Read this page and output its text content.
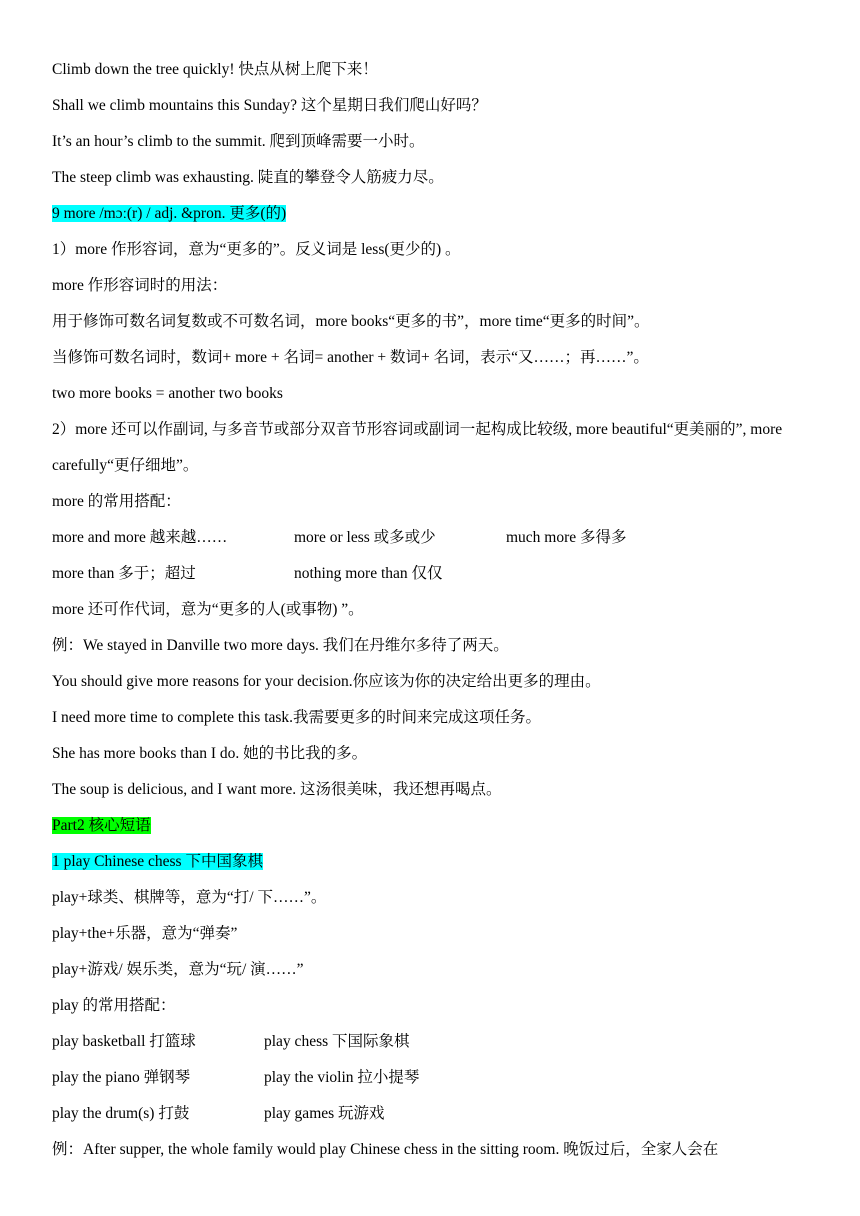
Climb down the tree quickly! 快点从树上爬下来！
Shall we climb mountains this Sunday? 这个星期日我们爬山好吗？
It’s an hour’s climb to the summit. 爬到顶峰需要一小时。
The steep climb was exhausting. 陡直的攀登令人筋疲力尽。
9 more /mɔː(r) / adj. &pron. 更多(的)
1）more 作形容词，意为“更多的”。反义词是 less(更少的) 。
more 作形容词时的用法：
用于修饰可数名词复数或不可数名词，more books“更多的书”，more time“更多的时间”。
当修饰可数名词时，数词+ more + 名词= another + 数词+ 名词，表示“又……；再……”。
two more books = another two books
2）more 还可以作副词, 与多音节或部分双音节形容词或副词一起构成比较级, more beautiful“更美丽的”, more carefully“更仔细地”。
more 的常用搭配：
more and more 越来越……	more or less 或多或少	much more 多得多
more than 多于；超过	nothing more than 仅仅
more 还可作代词，意为“更多的人(或事物) ”。
例：We stayed in Danville two more days. 我们在丹维尔多待了两天。
You should give more reasons for your decision.你应该为你的决定给出更多的理由。
I need more time to complete this task.我需要更多的时间来完成这项任务。
She has more books than I do. 她的书比我的多。
The soup is delicious, and I want more. 这汤很美味，我还想再喝点。
Part2 核心短语
1 play Chinese chess 下中国象棋
play+球类、棋牌等，意为“打/ 下……”。
play+the+乐器，意为“弹奏”
play+游戏/ 娱乐类，意为“玩/ 演……”
play 的常用搭配：
play basketball 打篮球	play chess 下国际象棋
play the piano 弹钢琴	play the violin 拉小提琴
play the drum(s) 打鼓	play games 玩游戏
例：After supper, the whole family would play Chinese chess in the sitting room. 晚饭过后，全家人会在
